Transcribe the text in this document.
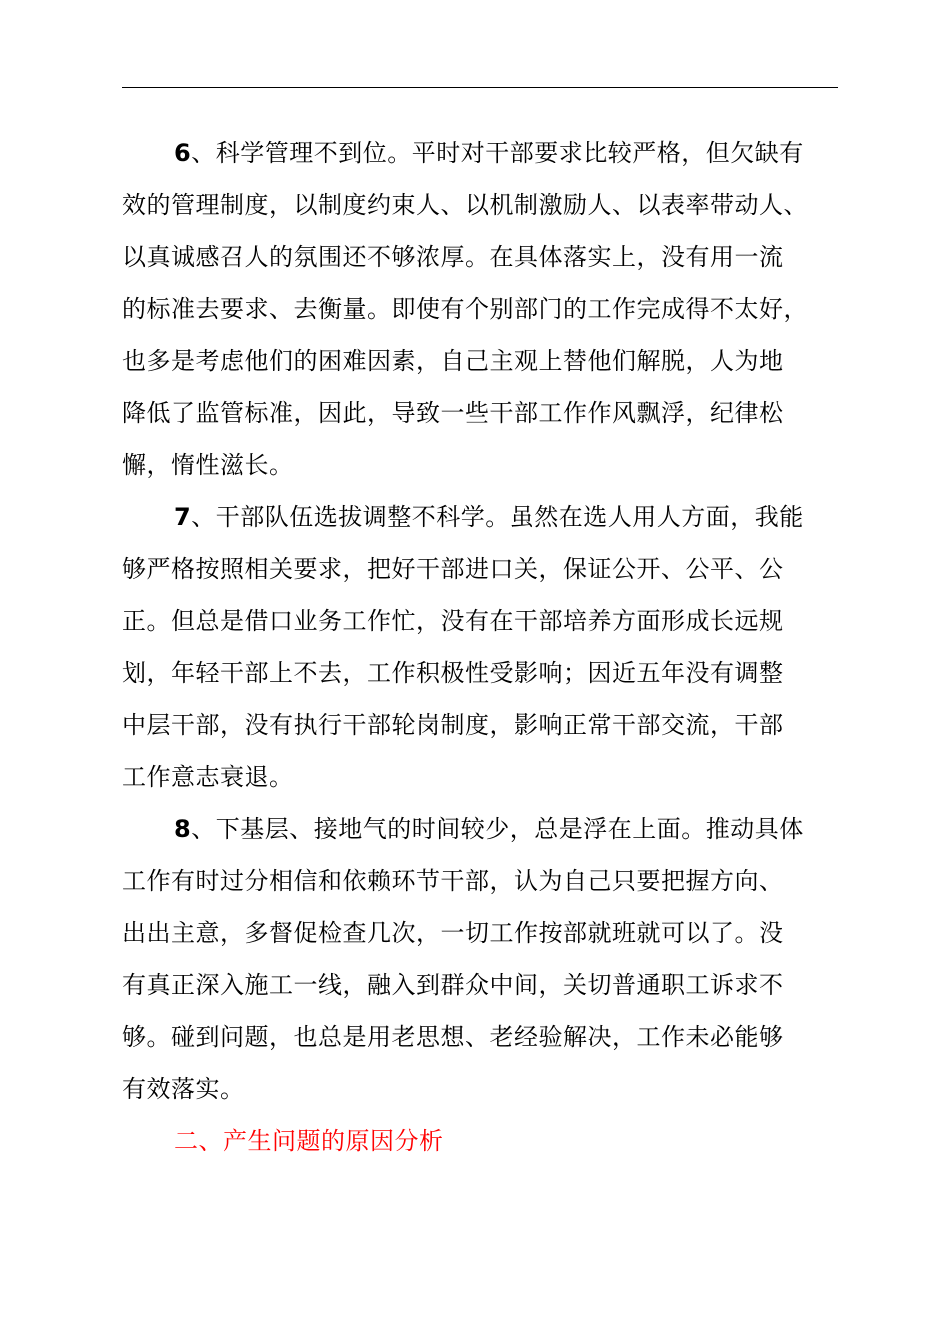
6、科学管理不到位。平时对干部要求比较严格，但欠缺有
效的管理制度，以制度约束人、以机制激励人、以表率带动人、
以真诚感召人的氛围还不够浓厚。在具体落实上，没有用一流
的标准去要求、去衡量。即使有个别部门的工作完成得不太好，
也多是考虑他们的困难因素，自己主观上替他们解脱，人为地
降低了监管标准，因此，导致一些干部工作作风飘浮，纪律松
懈，惰性滋长。
7、干部队伍选拔调整不科学。虽然在选人用人方面，我能
够严格按照相关要求，把好干部进口关，保证公开、公平、公
正。但总是借口业务工作忙，没有在干部培养方面形成长远规
划，年轻干部上不去，工作积极性受影响；因近五年没有调整
中层干部，没有执行干部轮岗制度，影响正常干部交流，干部
工作意志衰退。
8、下基层、接地气的时间较少，总是浮在上面。推动具体
工作有时过分相信和依赖环节干部，认为自己只要把握方向、
出出主意，多督促检查几次，一切工作按部就班就可以了。没
有真正深入施工一线，融入到群众中间，关切普通职工诉求不
够。碰到问题，也总是用老思想、老经验解决，工作未必能够
有效落实。
二、产生问题的原因分析
